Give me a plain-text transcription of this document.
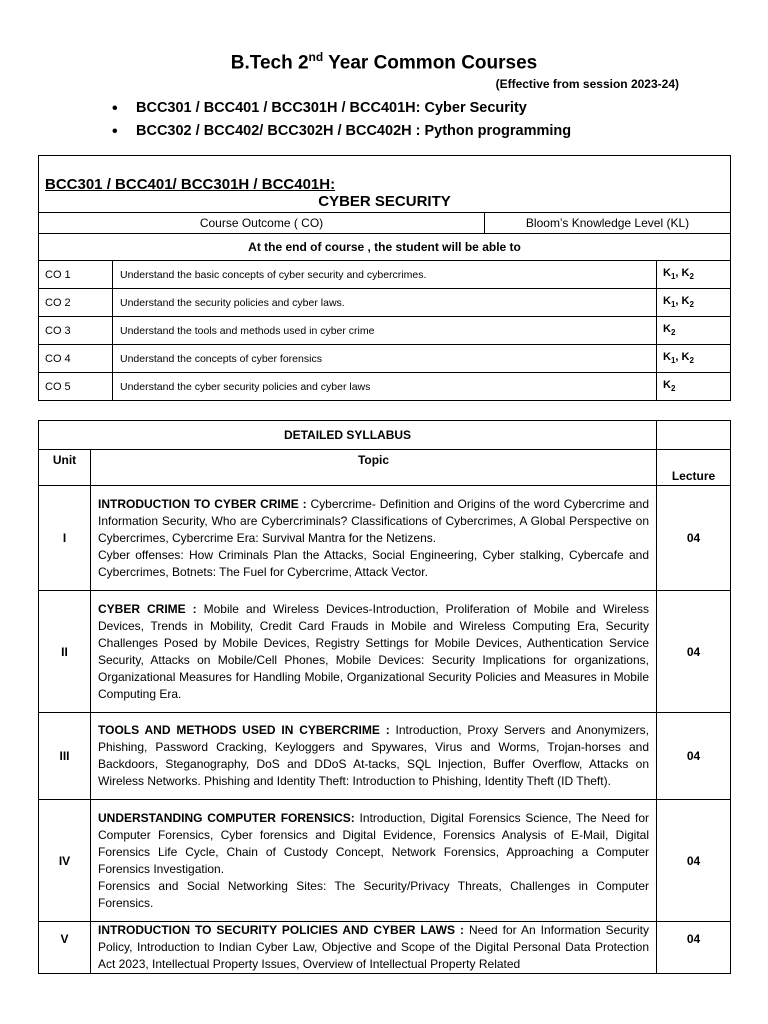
B.Tech 2nd Year Common Courses
(Effective from session 2023-24)
• BCC301 / BCC401 / BCC301H / BCC401H: Cyber Security
• BCC302 / BCC402/ BCC302H / BCC402H : Python programming
BCC301 / BCC401/ BCC301H / BCC401H:			
CYBER SECURITY			
Course Outcome ( CO)		Bloom’s Knowledge Level (KL)	
At the end of course , the student will be able to			
CO 1	Understand the basic concepts of cyber security and cybercrimes.		$K_1$, $K_2$
CO 2	Understand the security policies and cyber laws.		$K_1$, $K_2$
CO 3	Understand the tools and methods used in cyber crime		$K_2$
CO 4	Understand the concepts of cyber forensics		$K_1$, $K_2$
CO 5	Understand the cyber security policies and cyber laws		$K_2$
DETAILED SYLLABUS		
Unit	Topic	Lecture
I	INTRODUCTION TO CYBER CRIME : Cybercrime- Definition and Origins of the word Cybercrime and Information Security, Who are Cybercriminals? Classifications of Cybercrimes, A Global Perspective on Cybercrimes, Cybercrime Era: Survival Mantra for the Netizens.
Cyber offenses: How Criminals Plan the Attacks, Social Engineering, Cyber stalking, Cybercafe and Cybercrimes, Botnets: The Fuel for Cybercrime, Attack Vector.	04
II	CYBER CRIME : Mobile and Wireless Devices-Introduction, Proliferation of Mobile and Wireless Devices, Trends in Mobility, Credit Card Frauds in Mobile and Wireless Computing Era, Security Challenges Posed by Mobile Devices, Registry Settings for Mobile Devices, Authentication Service Security, Attacks on Mobile/Cell Phones, Mobile Devices: Security Implications for organizations, Organizational Measures for Handling Mobile, Organizational Security Policies and Measures in Mobile Computing Era.	04
III	TOOLS AND METHODS USED IN CYBERCRIME : Introduction, Proxy Servers and Anonymizers, Phishing, Password Cracking, Keyloggers and Spywares, Virus and Worms, Trojan-horses and Backdoors, Steganography, DoS and DDoS At-tacks, SQL Injection, Buffer Overflow, Attacks on Wireless Networks. Phishing and Identity Theft: Introduction to Phishing, Identity Theft (ID Theft).	04
IV	UNDERSTANDING COMPUTER FORENSICS: Introduction, Digital Forensics Science, The Need for Computer Forensics, Cyber forensics and Digital Evidence, Forensics Analysis of E-Mail, Digital Forensics Life Cycle, Chain of Custody Concept, Network Forensics, Approaching a Computer Forensics Investigation.
Forensics and Social Networking Sites: The Security/Privacy Threats, Challenges in Computer Forensics.	04
V	INTRODUCTION TO SECURITY POLICIES AND CYBER LAWS : Need for An Information Security Policy, Introduction to Indian Cyber Law, Objective and Scope of the Digital Personal Data Protection Act 2023, Intellectual Property Issues, Overview of Intellectual Property Related	04
